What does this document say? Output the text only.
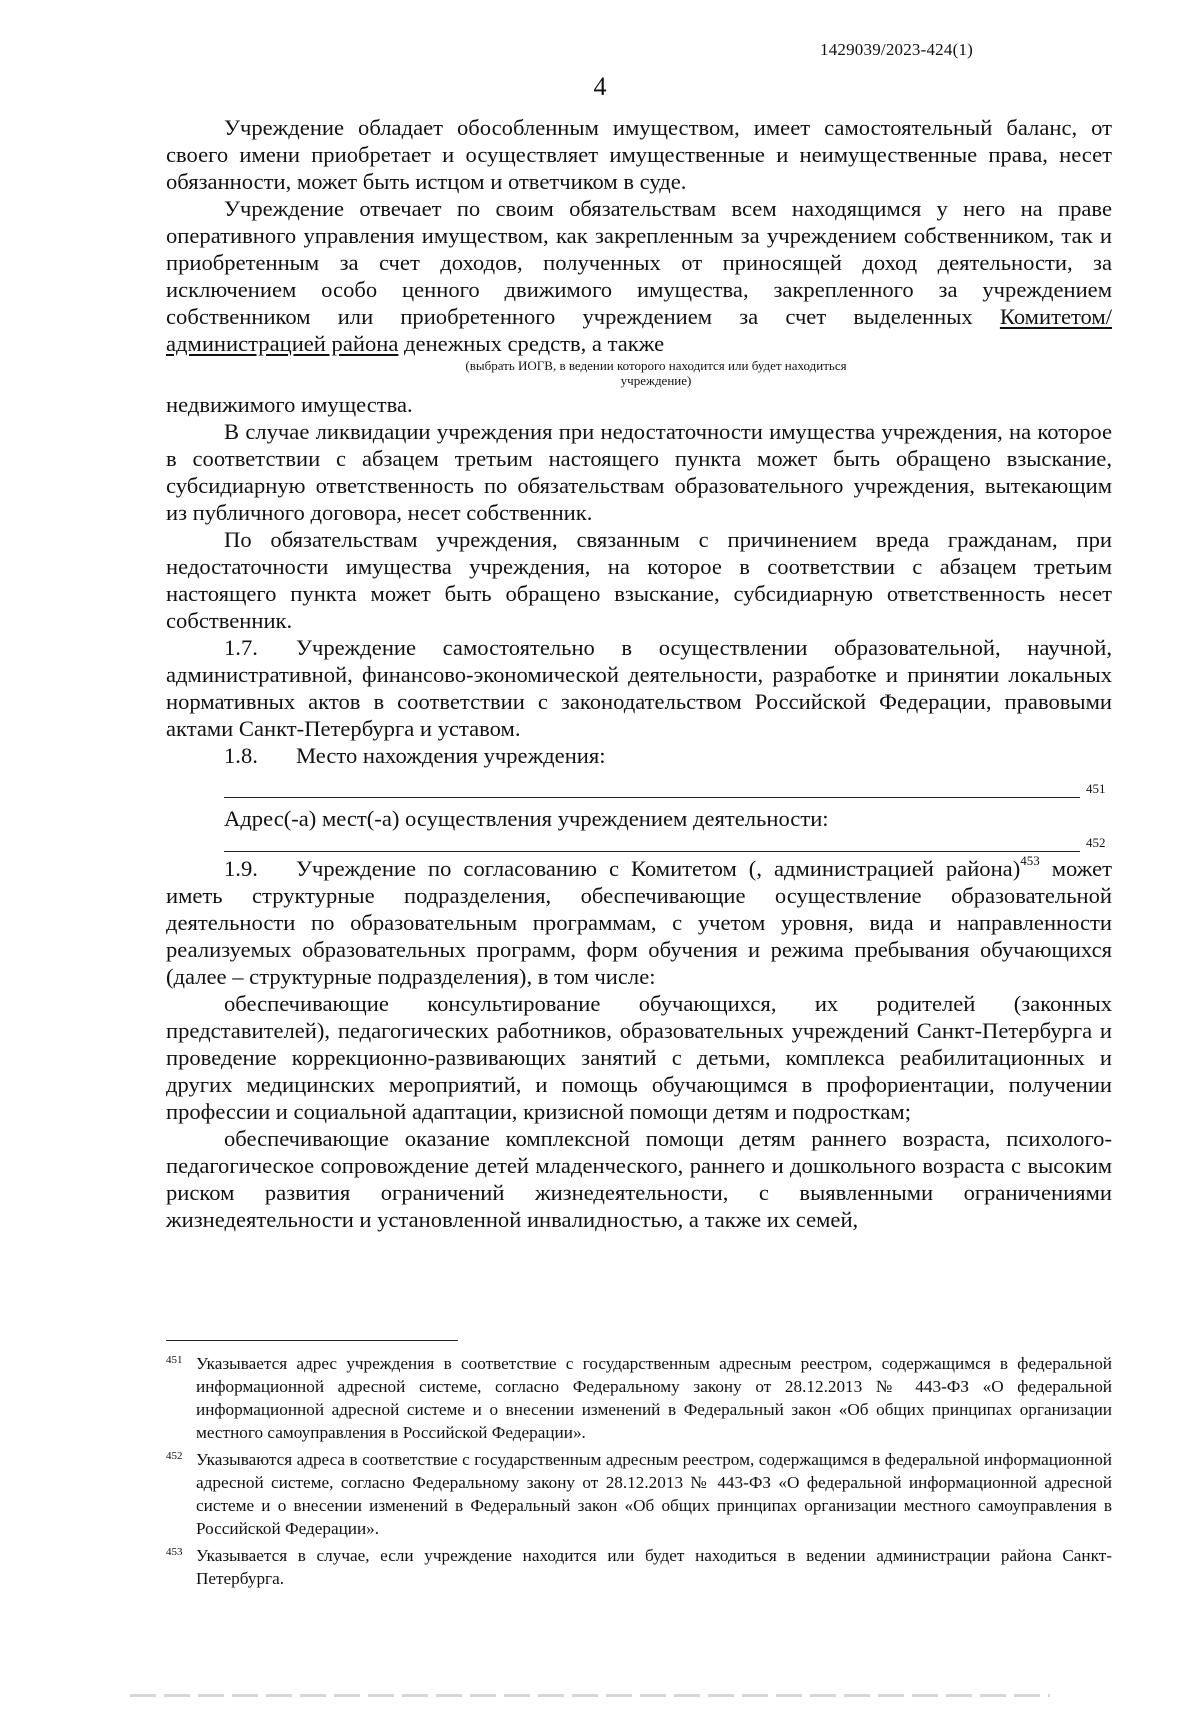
1429039/2023-424(1)
4

Учреждение обладает обособленным имуществом, имеет самостоятельный баланс, от своего имени приобретает и осуществляет имущественные и неимущественные права, несет обязанности, может быть истцом и ответчиком в суде.

Учреждение отвечает по своим обязательствам всем находящимся у него на праве оперативного управления имуществом, как закрепленным за учреждением собственником, так и приобретенным за счет доходов, полученных от приносящей доход деятельности, за исключением особо ценного движимого имущества, закрепленного за учреждением собственником или приобретенного учреждением за счет выделенных Комитетом/администрацией района денежных средств, а также

(выбрать ИОГВ, в ведении которого находится или будет находиться учреждение)

недвижимого имущества.

В случае ликвидации учреждения при недостаточности имущества учреждения, на которое в соответствии с абзацем третьим настоящего пункта может быть обращено взыскание, субсидиарную ответственность по обязательствам образовательного учреждения, вытекающим из публичного договора, несет собственник.

По обязательствам учреждения, связанным с причинением вреда гражданам, при недостаточности имущества учреждения, на которое в соответствии с абзацем третьим настоящего пункта может быть обращено взыскание, субсидиарную ответственность несет собственник.

1.7. Учреждение самостоятельно в осуществлении образовательной, научной, административной, финансово-экономической деятельности, разработке и принятии локальных нормативных актов в соответствии с законодательством Российской Федерации, правовыми актами Санкт-Петербурга и уставом.

1.8. Место нахождения учреждения:

451
Адрес(-а) мест(-а) осуществления учреждением деятельности:
452

1.9. Учреждение по согласованию с Комитетом (, администрацией района)$^{453}$ может иметь структурные подразделения, обеспечивающие осуществление образовательной деятельности по образовательным программам, с учетом уровня, вида и направленности реализуемых образовательных программ, форм обучения и режима пребывания обучающихся (далее – структурные подразделения), в том числе:

обеспечивающие консультирование обучающихся, их родителей (законных представителей), педагогических работников, образовательных учреждений Санкт-Петербурга и проведение коррекционно-развивающих занятий с детьми, комплекса реабилитационных и других медицинских мероприятий, и помощь обучающимся в профориентации, получении профессии и социальной адаптации, кризисной помощи детям и подросткам;

обеспечивающие оказание комплексной помощи детям раннего возраста, психолого-педагогическое сопровождение детей младенческого, раннего и дошкольного возраста с высоким риском развития ограничений жизнедеятельности, с выявленными ограничениями жизнедеятельности и установленной инвалидностью, а также их семей,

451 Указывается адрес учреждения в соответствие с государственным адресным реестром, содержащимся в федеральной информационной адресной системе, согласно Федеральному закону от 28.12.2013 № 443-ФЗ «О федеральной информационной адресной системе и о внесении изменений в Федеральный закон «Об общих принципах организации местного самоуправления в Российской Федерации».
452 Указываются адреса в соответствие с государственным адресным реестром, содержащимся в федеральной информационной адресной системе, согласно Федеральному закону от 28.12.2013 № 443-ФЗ «О федеральной информационной адресной системе и о внесении изменений в Федеральный закон «Об общих принципах организации местного самоуправления в Российской Федерации».
453 Указывается в случае, если учреждение находится или будет находиться в ведении администрации района Санкт-Петербурга.
